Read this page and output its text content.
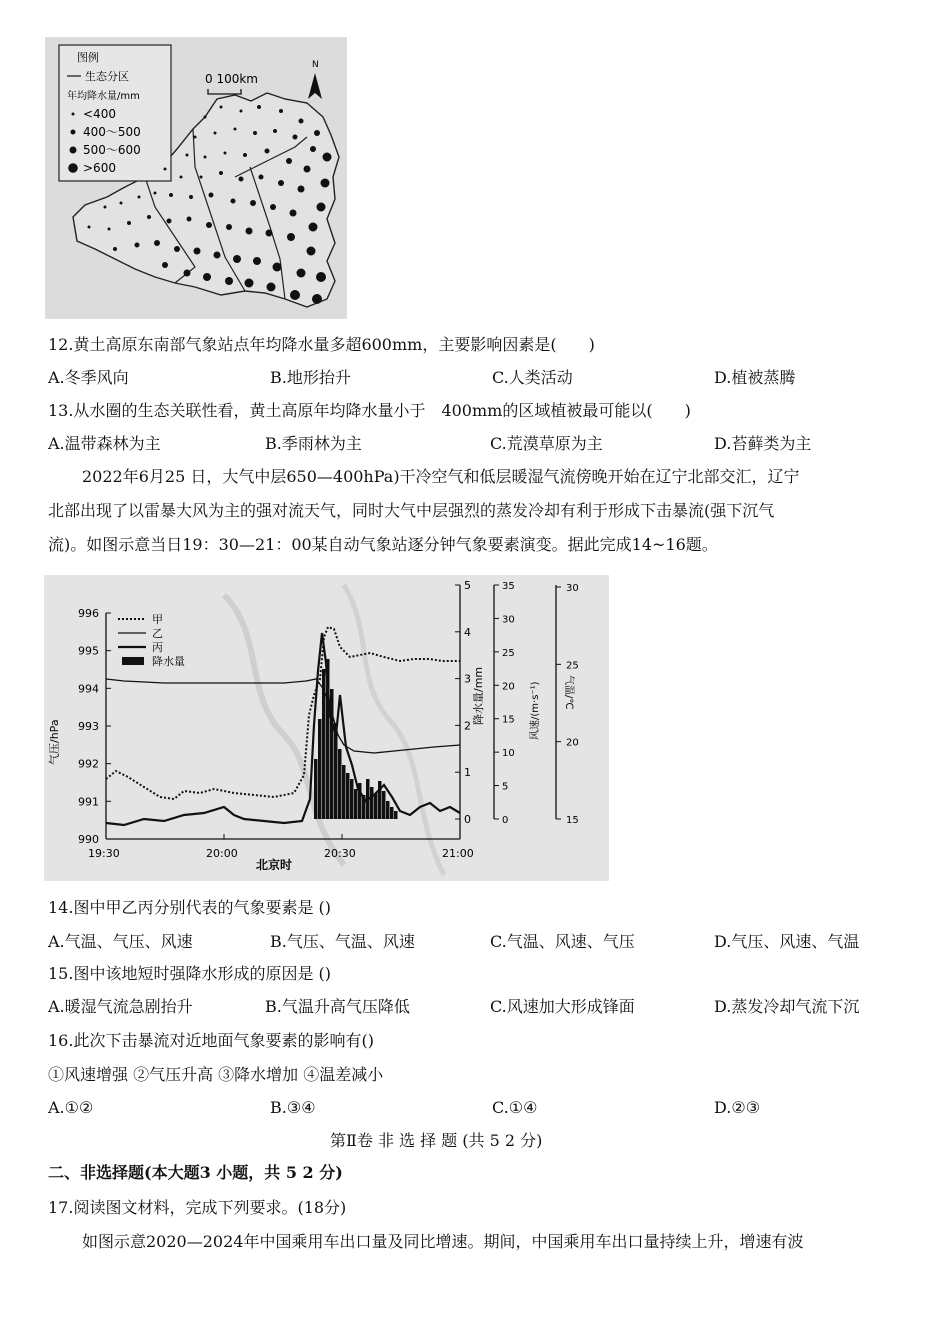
图例
生态分区
年均降水量/mm
<400
400～500
500～600
>600
0 100km
N
12.黄土高原东南部气象站点年均降水量多超600mm，主要影响因素是(　　)
A.冬季风向	B.地形抬升	C.人类活动	D.植被蒸腾
13.从水圈的生态关联性看，黄土高原年均降水量小于　400mm的区域植被最可能以(　　)
A.温带森林为主	B.季雨林为主	C.荒漠草原为主	D.苔藓类为主
2022年6月25 日，大气中层650—400hPa)干冷空气和低层暖湿气流傍晚开始在辽宁北部交汇，辽宁
北部出现了以雷暴大风为主的强对流天气，同时大气中层强烈的蒸发冷却有利于形成下击暴流(强下沉气
流)。如图示意当日19：30—21：00某自动气象站逐分钟气象要素演变。据此完成14~16题。
996
995
994
993
992
991
990
5
4
3
2
1
0
35
30
25
20
15
10
5
0
30
25
20
15
19:30	20:00	20:30	21:00
气压/hPa
降水量/mm	风速/(m·s⁻¹) 气温/℃
北京时
甲
乙
丙
降水量
14.图中甲乙丙分别代表的气象要素是 ()
A.气温、气压、风速	B.气压、气温、风速	C.气温、风速、气压	D.气压、风速、气温
15.图中该地短时强降水形成的原因是 ()
A.暖湿气流急剧抬升	B.气温升高气压降低	C.风速加大形成锋面	D.蒸发冷却气流下沉
16.此次下击暴流对近地面气象要素的影响有()
①风速增强 ②气压升高 ③降水增加 ④温差减小
A.①②	B.③④	C.①④	D.②③
第Ⅱ卷 非 选 择 题 (共 5 2 分)
二、非选择题(本大题3 小题，共 5 2 分)
17.阅读图文材料，完成下列要求。(18分)
如图示意2020—2024年中国乘用车出口量及同比增速。期间，中国乘用车出口量持续上升，增速有波
